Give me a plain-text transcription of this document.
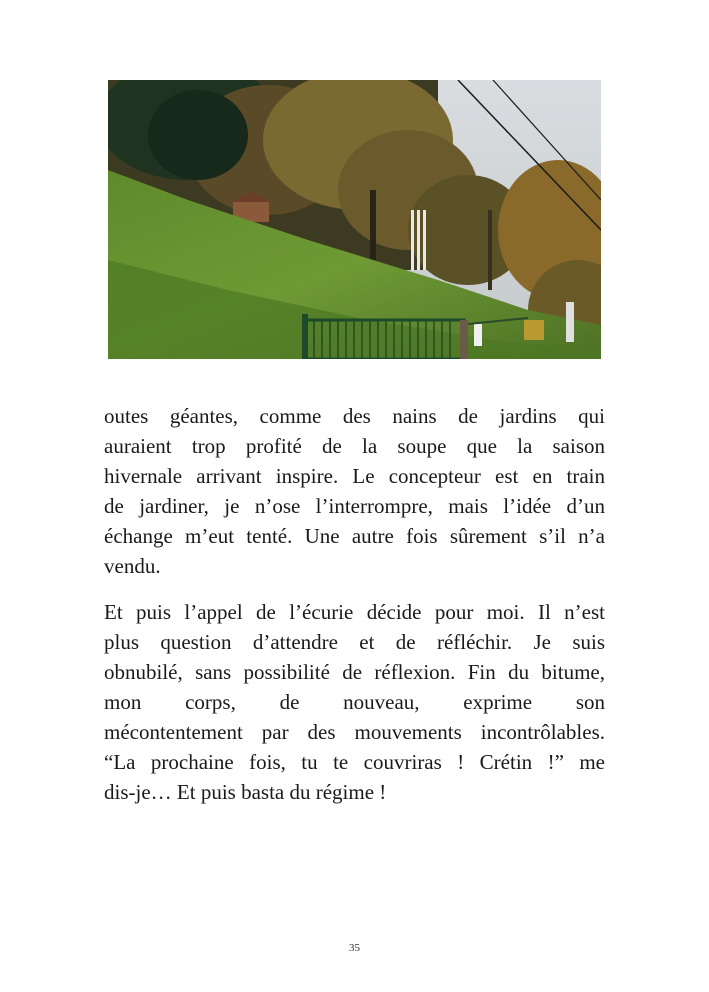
outes géantes, comme des nains de jardins qui
auraient trop profité de la soupe que la saison
hivernale arrivant inspire. Le concepteur est en train
de jardiner, je n’ose l’interrompre, mais l’idée d’un
échange m’eut tenté. Une autre fois sûrement s’il n’a
vendu.
Et puis l’appel de l’écurie décide pour moi. Il n’est
plus question d’attendre et de réfléchir. Je suis
obnubilé, sans possibilité de réflexion. Fin du bitume,
mon corps, de nouveau, exprime son
mécontentement par des mouvements incontrôlables.
“La prochaine fois, tu te couvriras ! Crétin !” me
dis-je… Et puis basta du régime !
35
